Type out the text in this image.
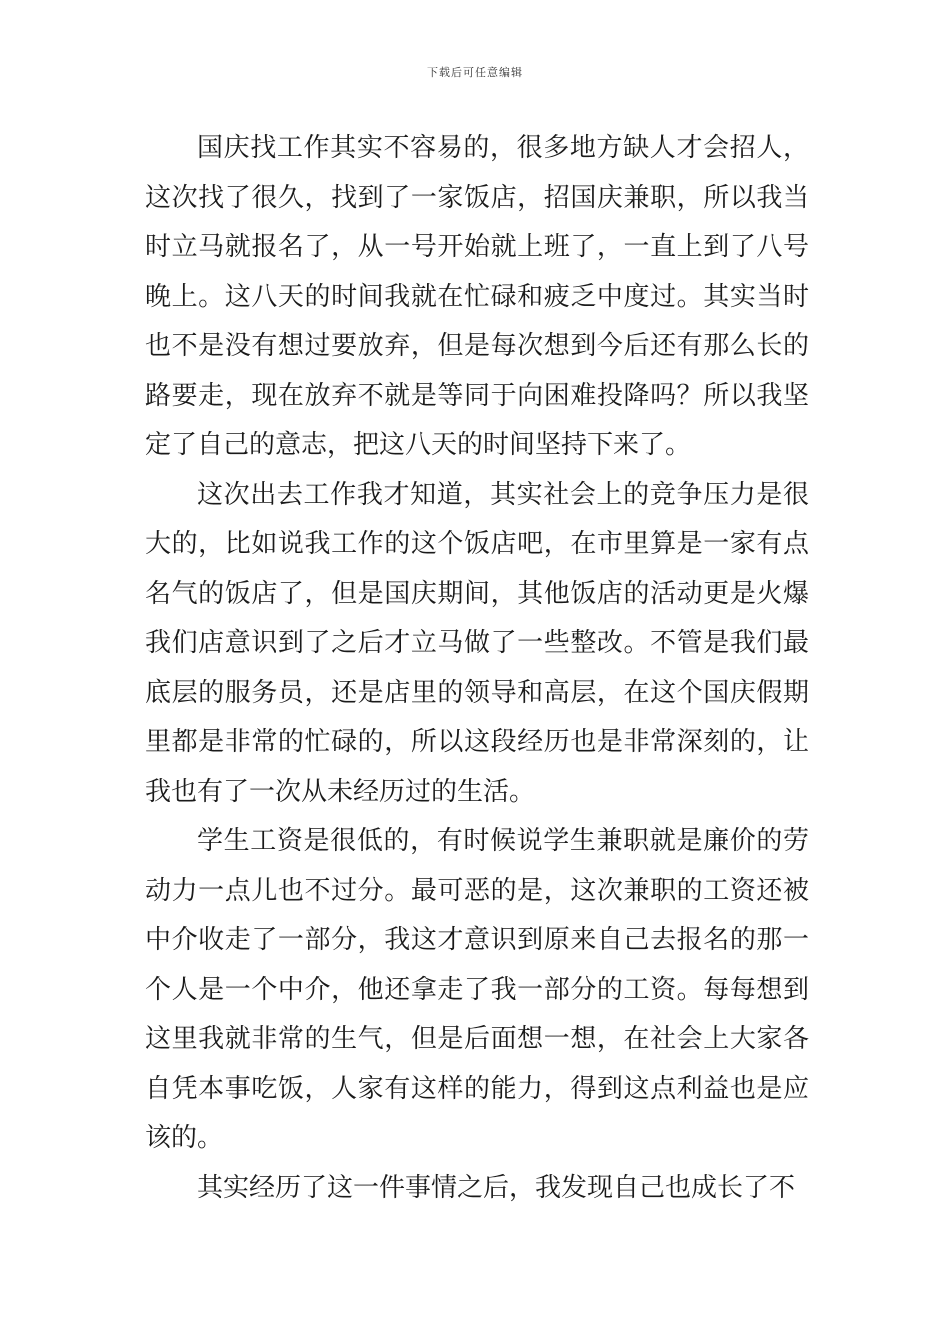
下载后可任意编辑

国庆找工作其实不容易的，很多地方缺人才会招人，这次找了很久，找到了一家饭店，招国庆兼职，所以我当时立马就报名了，从一号开始就上班了，一直上到了八号晚上。这八天的时间我就在忙碌和疲乏中度过。其实当时也不是没有想过要放弃，但是每次想到今后还有那么长的路要走，现在放弃不就是等同于向困难投降吗？所以我坚定了自己的意志，把这八天的时间坚持下来了。

这次出去工作我才知道，其实社会上的竞争压力是很大的，比如说我工作的这个饭店吧，在市里算是一家有点名气的饭店了，但是国庆期间，其他饭店的活动更是火爆我们店意识到了之后才立马做了一些整改。不管是我们最底层的服务员，还是店里的领导和高层，在这个国庆假期里都是非常的忙碌的，所以这段经历也是非常深刻的，让我也有了一次从未经历过的生活。

学生工资是很低的，有时候说学生兼职就是廉价的劳动力一点儿也不过分。最可恶的是，这次兼职的工资还被中介收走了一部分，我这才意识到原来自己去报名的那一个人是一个中介，他还拿走了我一部分的工资。每每想到这里我就非常的生气，但是后面想一想，在社会上大家各自凭本事吃饭，人家有这样的能力，得到这点利益也是应该的。

其实经历了这一件事情之后，我发现自己也成长了不
